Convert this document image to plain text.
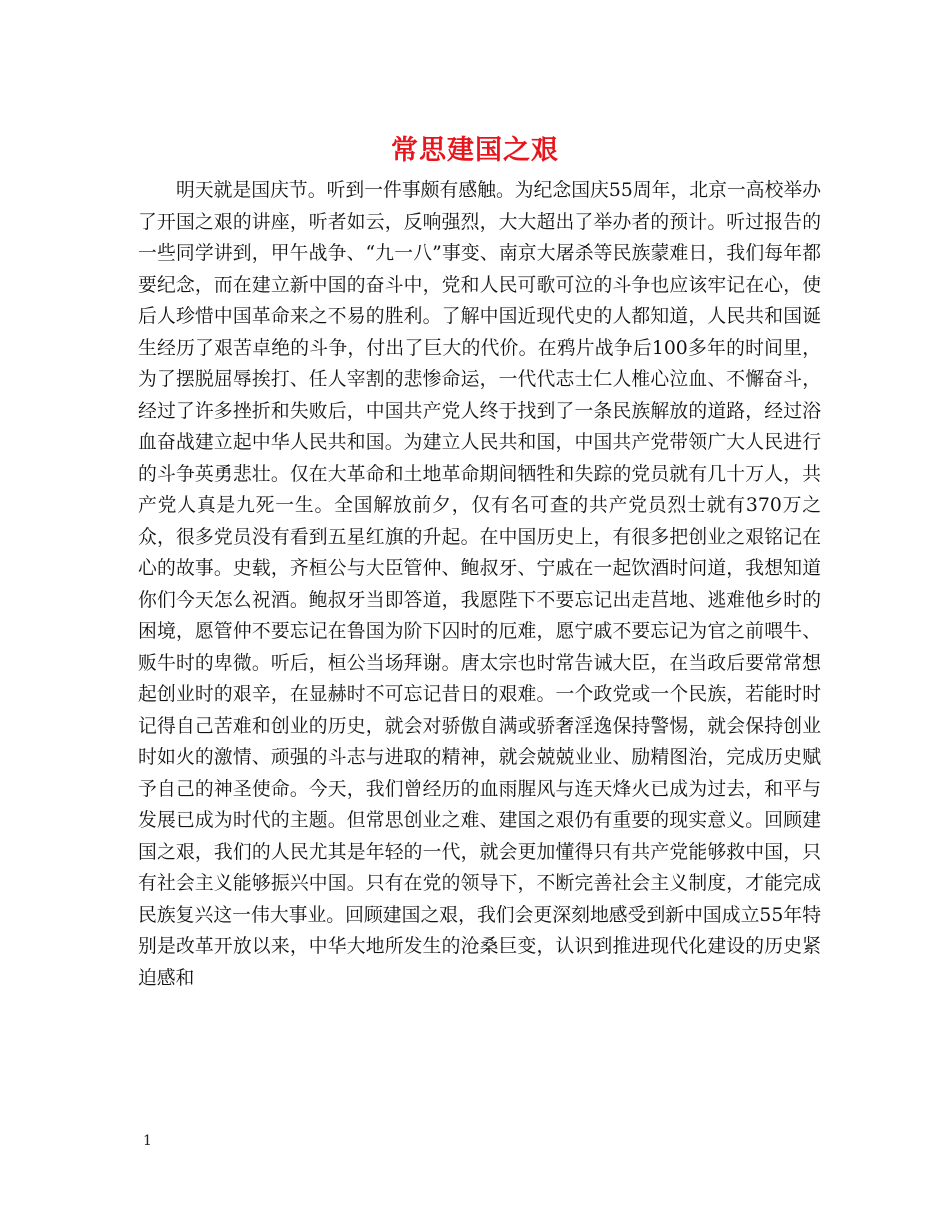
常思建国之艰

明天就是国庆节。听到一件事颇有感触。为纪念国庆55周年，北京一高校举办了开国之艰的讲座，听者如云，反响强烈，大大超出了举办者的预计。听过报告的一些同学讲到，甲午战争、“九一八”事变、南京大屠杀等民族蒙难日，我们每年都要纪念，而在建立新中国的奋斗中，党和人民可歌可泣的斗争也应该牢记在心，使后人珍惜中国革命来之不易的胜利。了解中国近现代史的人都知道，人民共和国诞生经历了艰苦卓绝的斗争，付出了巨大的代价。在鸦片战争后100多年的时间里，为了摆脱屈辱挨打、任人宰割的悲惨命运，一代代志士仁人椎心泣血、不懈奋斗，经过了许多挫折和失败后，中国共产党人终于找到了一条民族解放的道路，经过浴血奋战建立起中华人民共和国。为建立人民共和国，中国共产党带领广大人民进行的斗争英勇悲壮。仅在大革命和土地革命期间牺牲和失踪的党员就有几十万人，共产党人真是九死一生。全国解放前夕，仅有名可查的共产党员烈士就有370万之众，很多党员没有看到五星红旗的升起。在中国历史上，有很多把创业之艰铭记在心的故事。史载，齐桓公与大臣管仲、鲍叔牙、宁戚在一起饮酒时问道，我想知道你们今天怎么祝酒。鲍叔牙当即答道，我愿陛下不要忘记出走莒地、逃难他乡时的困境，愿管仲不要忘记在鲁国为阶下囚时的厄难，愿宁戚不要忘记为官之前喂牛、贩牛时的卑微。听后，桓公当场拜谢。唐太宗也时常告诫大臣，在当政后要常常想起创业时的艰辛，在显赫时不可忘记昔日的艰难。一个政党或一个民族，若能时时记得自己苦难和创业的历史，就会对骄傲自满或骄奢淫逸保持警惕，就会保持创业时如火的激情、顽强的斗志与进取的精神，就会兢兢业业、励精图治，完成历史赋予自己的神圣使命。今天，我们曾经历的血雨腥风与连天烽火已成为过去，和平与发展已成为时代的主题。但常思创业之难、建国之艰仍有重要的现实意义。回顾建国之艰，我们的人民尤其是年轻的一代，就会更加懂得只有共产党能够救中国，只有社会主义能够振兴中国。只有在党的领导下，不断完善社会主义制度，才能完成民族复兴这一伟大事业。回顾建国之艰，我们会更深刻地感受到新中国成立55年特别是改革开放以来，中华大地所发生的沧桑巨变，认识到推进现代化建设的历史紧迫感和

1
